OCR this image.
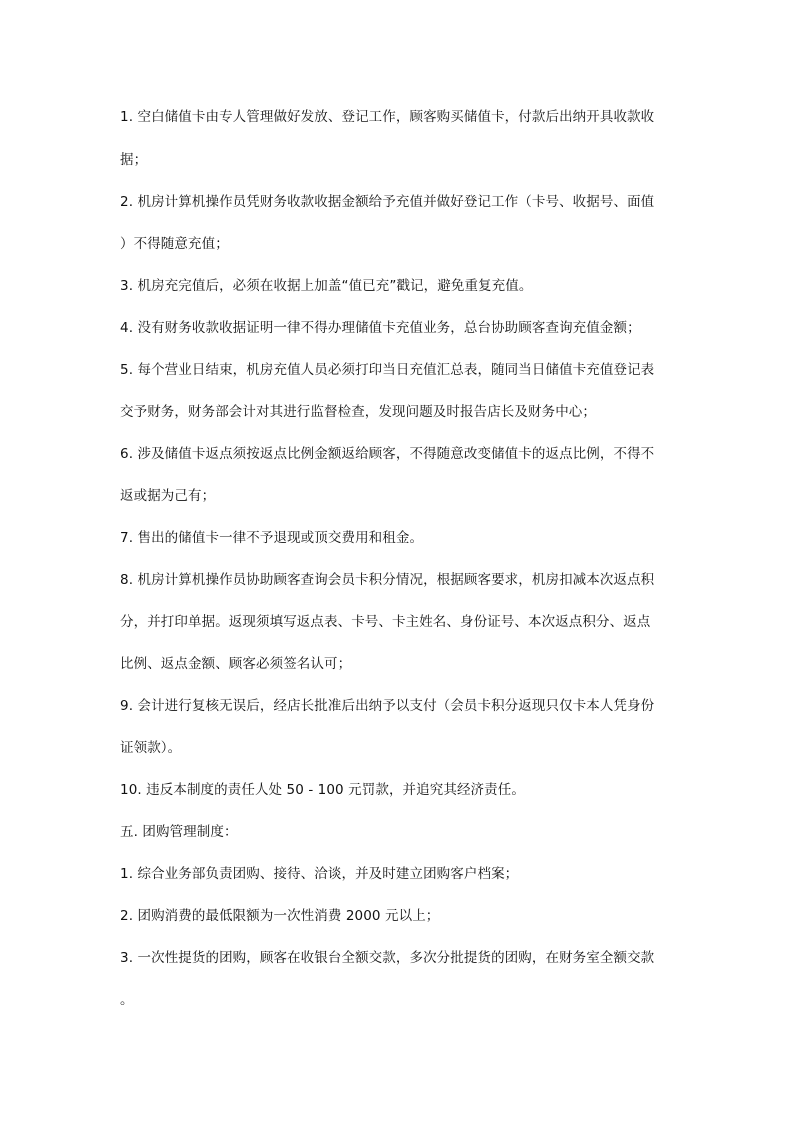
1. 空白储值卡由专人管理做好发放、登记工作，顾客购买储值卡，付款后出纳开具收款收

据；

2. 机房计算机操作员凭财务收款收据金额给予充值并做好登记工作（卡号、收据号、面值

）不得随意充值；

3. 机房充完值后，必须在收据上加盖“值已充”戳记，避免重复充值。

4. 没有财务收款收据证明一律不得办理储值卡充值业务，总台协助顾客查询充值金额；

5. 每个营业日结束，机房充值人员必须打印当日充值汇总表，随同当日储值卡充值登记表

交予财务，财务部会计对其进行监督检查，发现问题及时报告店长及财务中心；

6. 涉及储值卡返点须按返点比例金额返给顾客，不得随意改变储值卡的返点比例，不得不

返或据为己有；

7. 售出的储值卡一律不予退现或顶交费用和租金。

8. 机房计算机操作员协助顾客查询会员卡积分情况，根据顾客要求，机房扣减本次返点积

分，并打印单据。返现须填写返点表、卡号、卡主姓名、身份证号、本次返点积分、返点

比例、返点金额、顾客必须签名认可；

9. 会计进行复核无误后，经店长批准后出纳予以支付（会员卡积分返现只仅卡本人凭身份

证领款）。

10. 违反本制度的责任人处 50 - 100 元罚款，并追究其经济责任。

五. 团购管理制度：

1. 综合业务部负责团购、接待、洽谈，并及时建立团购客户档案；

2. 团购消费的最低限额为一次性消费 2000 元以上；

3. 一次性提货的团购，顾客在收银台全额交款，多次分批提货的团购，在财务室全额交款

。
